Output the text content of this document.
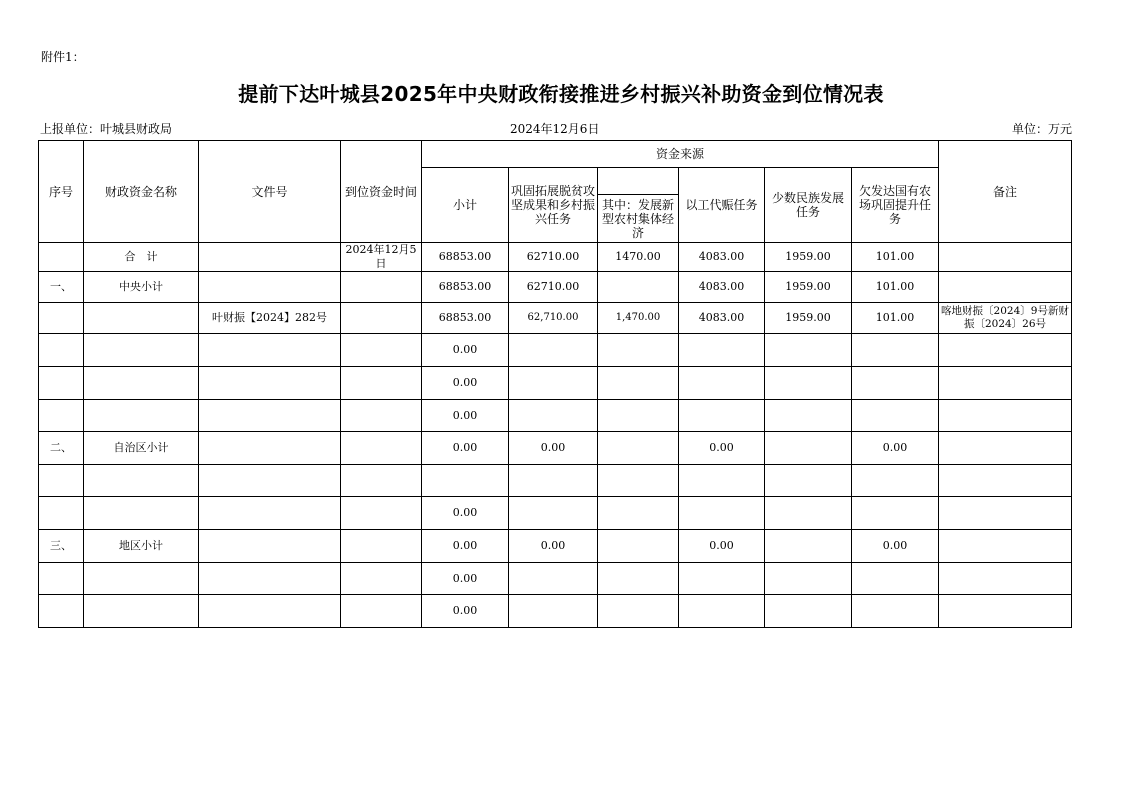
附件1：
提前下达叶城县2025年中央财政衔接推进乡村振兴补助资金到位情况表
上报单位：叶城县财政局	2024年12月6日	单位：万元
序号	财政资金名称	文件号	到位资金时间	资金来源						备注
				小计	巩固拓展脱贫攻坚成果和乡村振兴任务		以工代赈任务	少数民族发展任务	欠发达国有农场巩固提升任务	
						其中：发展新型农村集体经济				
	合　计		2024年12月5日	68853.00	62710.00	1470.00	4083.00	1959.00	101.00	
一、	中央小计			68853.00	62710.00		4083.00	1959.00	101.00	
		叶财振【2024】282号		68853.00	62,710.00	1,470.00	4083.00	1959.00	101.00	喀地财振〔2024〕9号新财振〔2024〕26号
				0.00						
				0.00						
				0.00						
二、	自治区小计			0.00	0.00		0.00		0.00	

				0.00						
三、	地区小计			0.00	0.00		0.00		0.00	
				0.00						
				0.00						
